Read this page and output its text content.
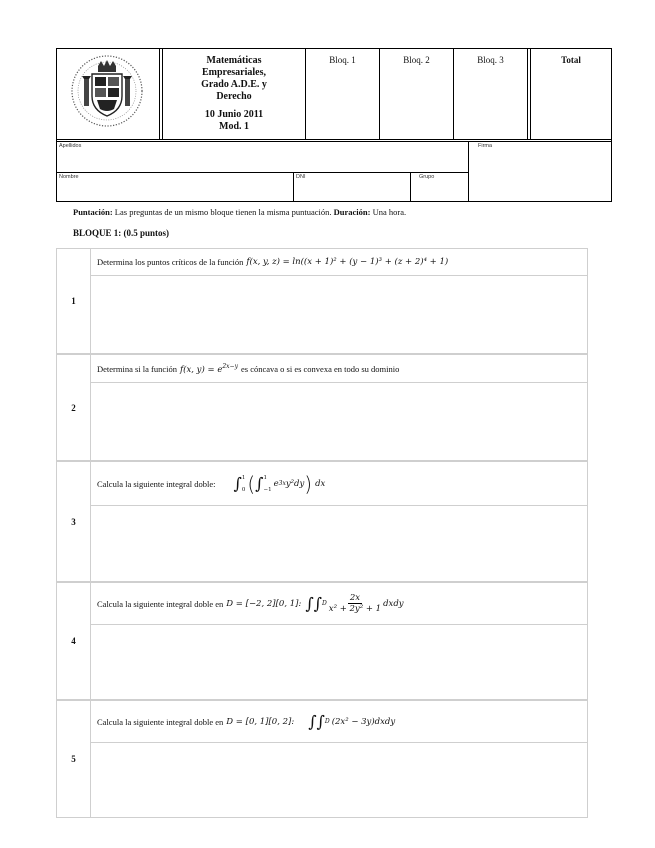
Matemáticas
Empresariales,
Grado A.D.E. y
Derecho
10 Junio 2011
Mod. 1
Bloq. 1	Bloq. 2	Bloq. 3	Total
Apellidos	Firma
Nombre	DNI	Grupo
Puntación: Las preguntas de un mismo bloque tienen la misma puntuación. Duración: Una hora.
BLOQUE 1: (0.5 puntos)
1
Determina los puntos críticos de la función f(x, y, z) = ln((x + 1)² + (y − 1)³ + (z + 2)⁴ + 1)
2
Determina si la función f(x, $y) = e^{2x-y}$ es cóncava o si es convexa en todo su dominio
3
Calcula la siguiente integral doble: ∫ 1
0 ( ∫ 1
−1
e 3x y²dy ) dx
4
Calcula la siguiente integral doble en D = [−2, 2][0, 1]: ∫∫ D $\frac{2x}{\text{x² + 2y² + 1}}$ dxdy
5
Calcula la siguiente integral doble en D = [0, 1][0, 2]: ∫∫ D (2x² − 3y)dxdy
